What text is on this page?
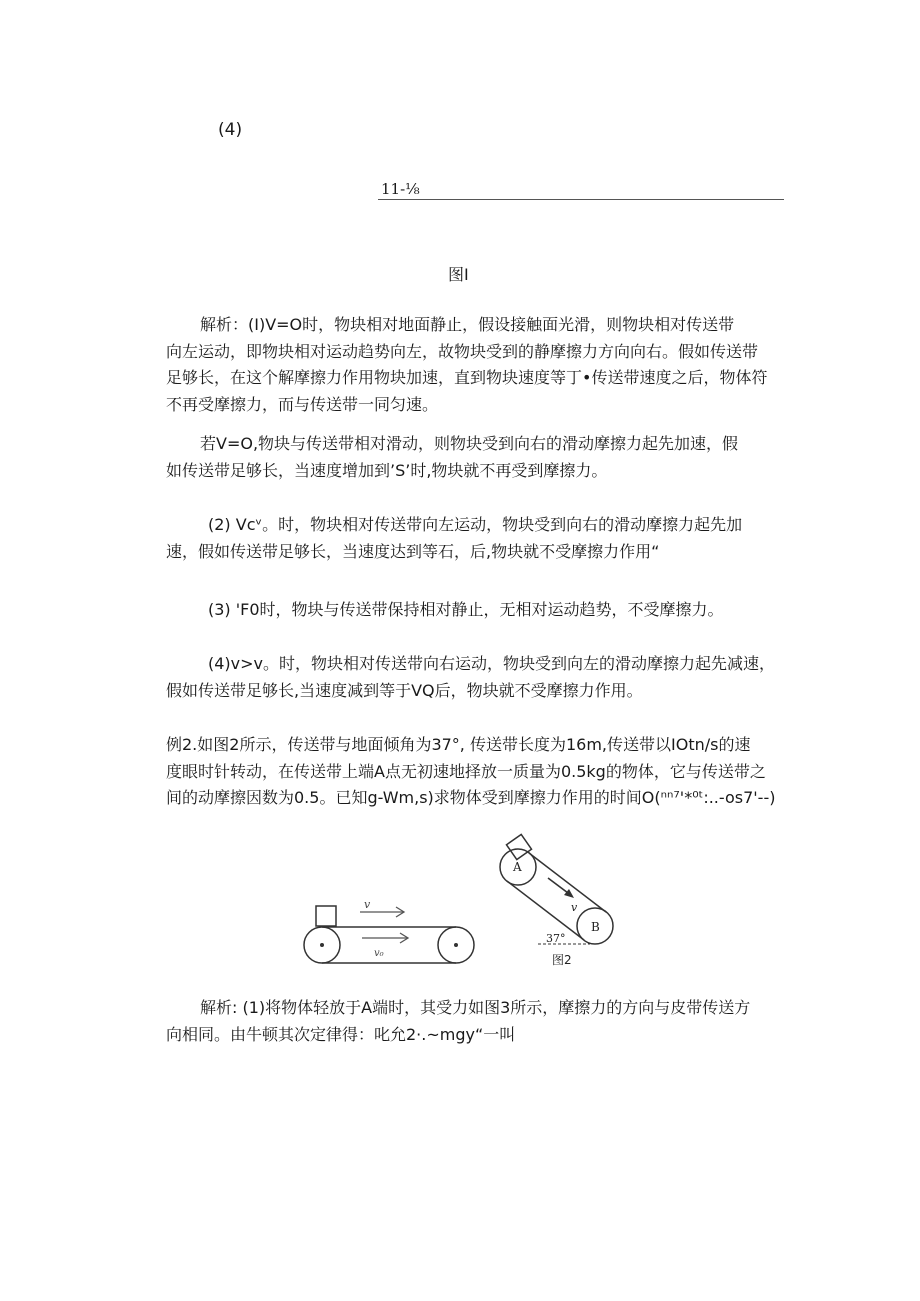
(4)
11-⅛
图I
解析：(I)V=O时，物块相对地面静止，假设接触面光滑，则物块相对传送带
向左运动，即物块相对运动趋势向左，故物块受到的静摩擦力方向向右。假如传送带
足够长，在这个解摩擦力作用物块加速，直到物块速度等丁•传送带速度之后，物体符
不再受摩擦力，而与传送带一同匀速。
若V=O,物块与传送带相对滑动，则物块受到向右的滑动摩擦力起先加速，假
如传送带足够长，当速度增加到’S’时,物块就不再受到摩擦力。
(2) Vcᵛ。时，物块相对传送带向左运动，物块受到向右的滑动摩擦力起先加
速，假如传送带足够长，当速度达到等石，后,物块就不受摩擦力作用“
(3) 'F0时，物块与传送带保持相对静止，无相对运动趋势，不受摩擦力。
(4)v>v。时，物块相对传送带向右运动，物块受到向左的滑动摩擦力起先减速，
假如传送带足够长,当速度减到等于VQ后，物块就不受摩擦力作用。
例2.如图2所示，传送带与地面倾角为37°, 传送带长度为16m,传送带以IOtn/s的速
度眼时针转动，在传送带上端A点无初速地择放一质量为0.5kg的物体，它与传送带之
间的动摩擦因数为0.5。已知g-Wm,s)求物体受到摩擦力作用的时间O(ⁿⁿ⁷'*⁰ᵗ:..-os7'--)
v
v₀
A
B
v
37°
图2
解析: (1)将物体轻放于A端时，其受力如图3所示，摩擦力的方向与皮带传送方
向相同。由牛顿其次定律得：叱允2·.~mgy“一叫
